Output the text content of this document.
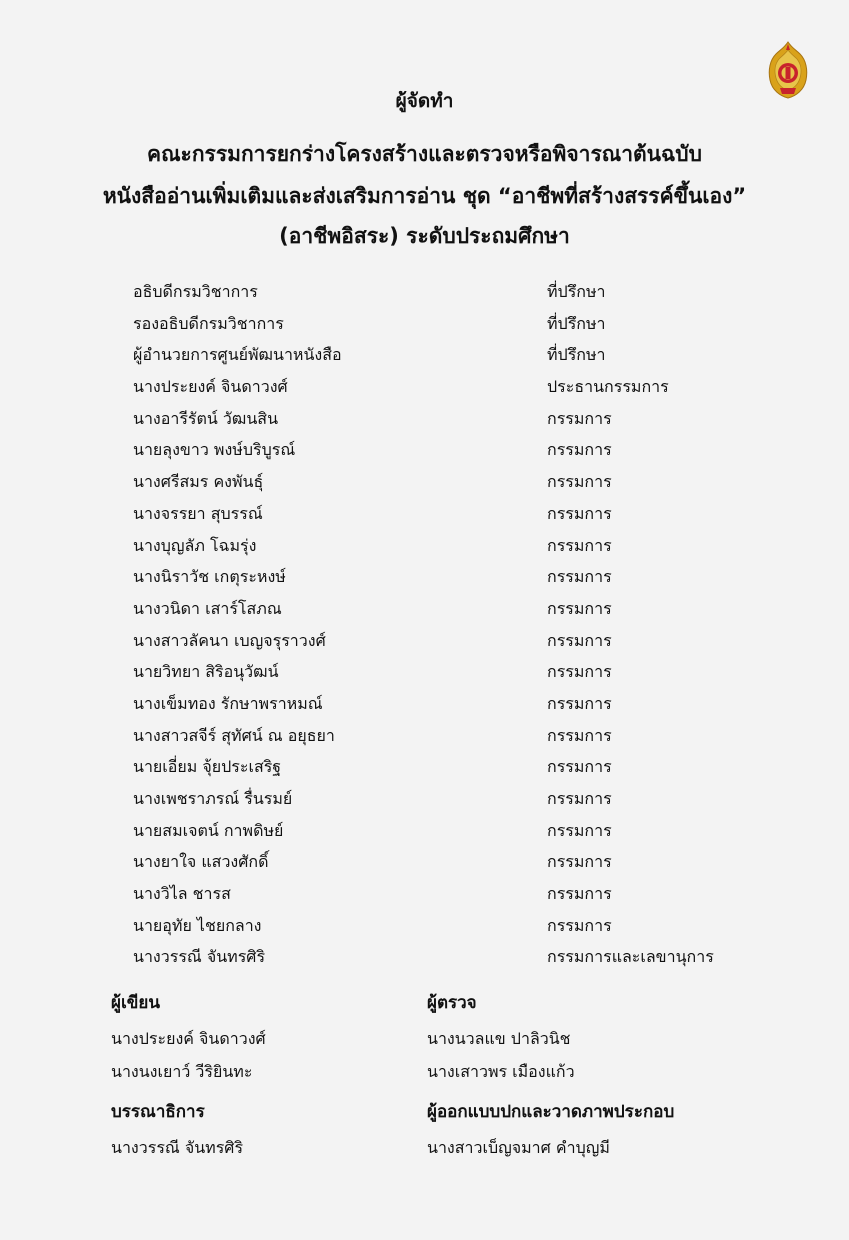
ผู้จัดทำ
คณะกรรมการยกร่างโครงสร้างและตรวจหรือพิจารณาต้นฉบับ
หนังสืออ่านเพิ่มเติมและส่งเสริมการอ่าน ชุด “อาชีพที่สร้างสรรค์ขึ้นเอง”
(อาชีพอิสระ) ระดับประถมศึกษา
อธิบดีกรมวิชาการ	ที่ปรึกษา
รองอธิบดีกรมวิชาการ	ที่ปรึกษา
ผู้อำนวยการศูนย์พัฒนาหนังสือ	ที่ปรึกษา
นางประยงค์ จินดาวงศ์	ประธานกรรมการ
นางอารีรัตน์ วัฒนสิน	กรรมการ
นายลุงขาว พงษ์บริบูรณ์	กรรมการ
นางศรีสมร คงพันธุ์	กรรมการ
นางจรรยา สุบรรณ์	กรรมการ
นางบุญลัภ โฉมรุ่ง	กรรมการ
นางนิราวัช เกตุระหงษ์	กรรมการ
นางวนิดา เสาร์โสภณ	กรรมการ
นางสาวลัคนา เบญจรุราวงศ์	กรรมการ
นายวิทยา สิริอนุวัฒน์	กรรมการ
นางเข็มทอง รักษาพราหมณ์	กรรมการ
นางสาวสจีร์ สุทัศน์ ณ อยุธยา	กรรมการ
นายเอี่ยม จุ้ยประเสริฐ	กรรมการ
นางเพชราภรณ์ รื่นรมย์	กรรมการ
นายสมเจตน์ กาพดิษย์	กรรมการ
นางยาใจ แสวงศักดิ์	กรรมการ
นางวิไล ชารส	กรรมการ
นายอุทัย ไชยกลาง	กรรมการ
นางวรรณี จันทรศิริ	กรรมการและเลขานุการ
ผู้เขียน
นางประยงค์ จินดาวงศ์
นางนงเยาว์ วีริยินทะ
ผู้ตรวจ
นางนวลแข ปาลิวนิช
นางเสาวพร เมืองแก้ว
บรรณาธิการ
นางวรรณี จันทรศิริ
ผู้ออกแบบปกและวาดภาพประกอบ
นางสาวเบ็ญจมาศ คำบุญมี
